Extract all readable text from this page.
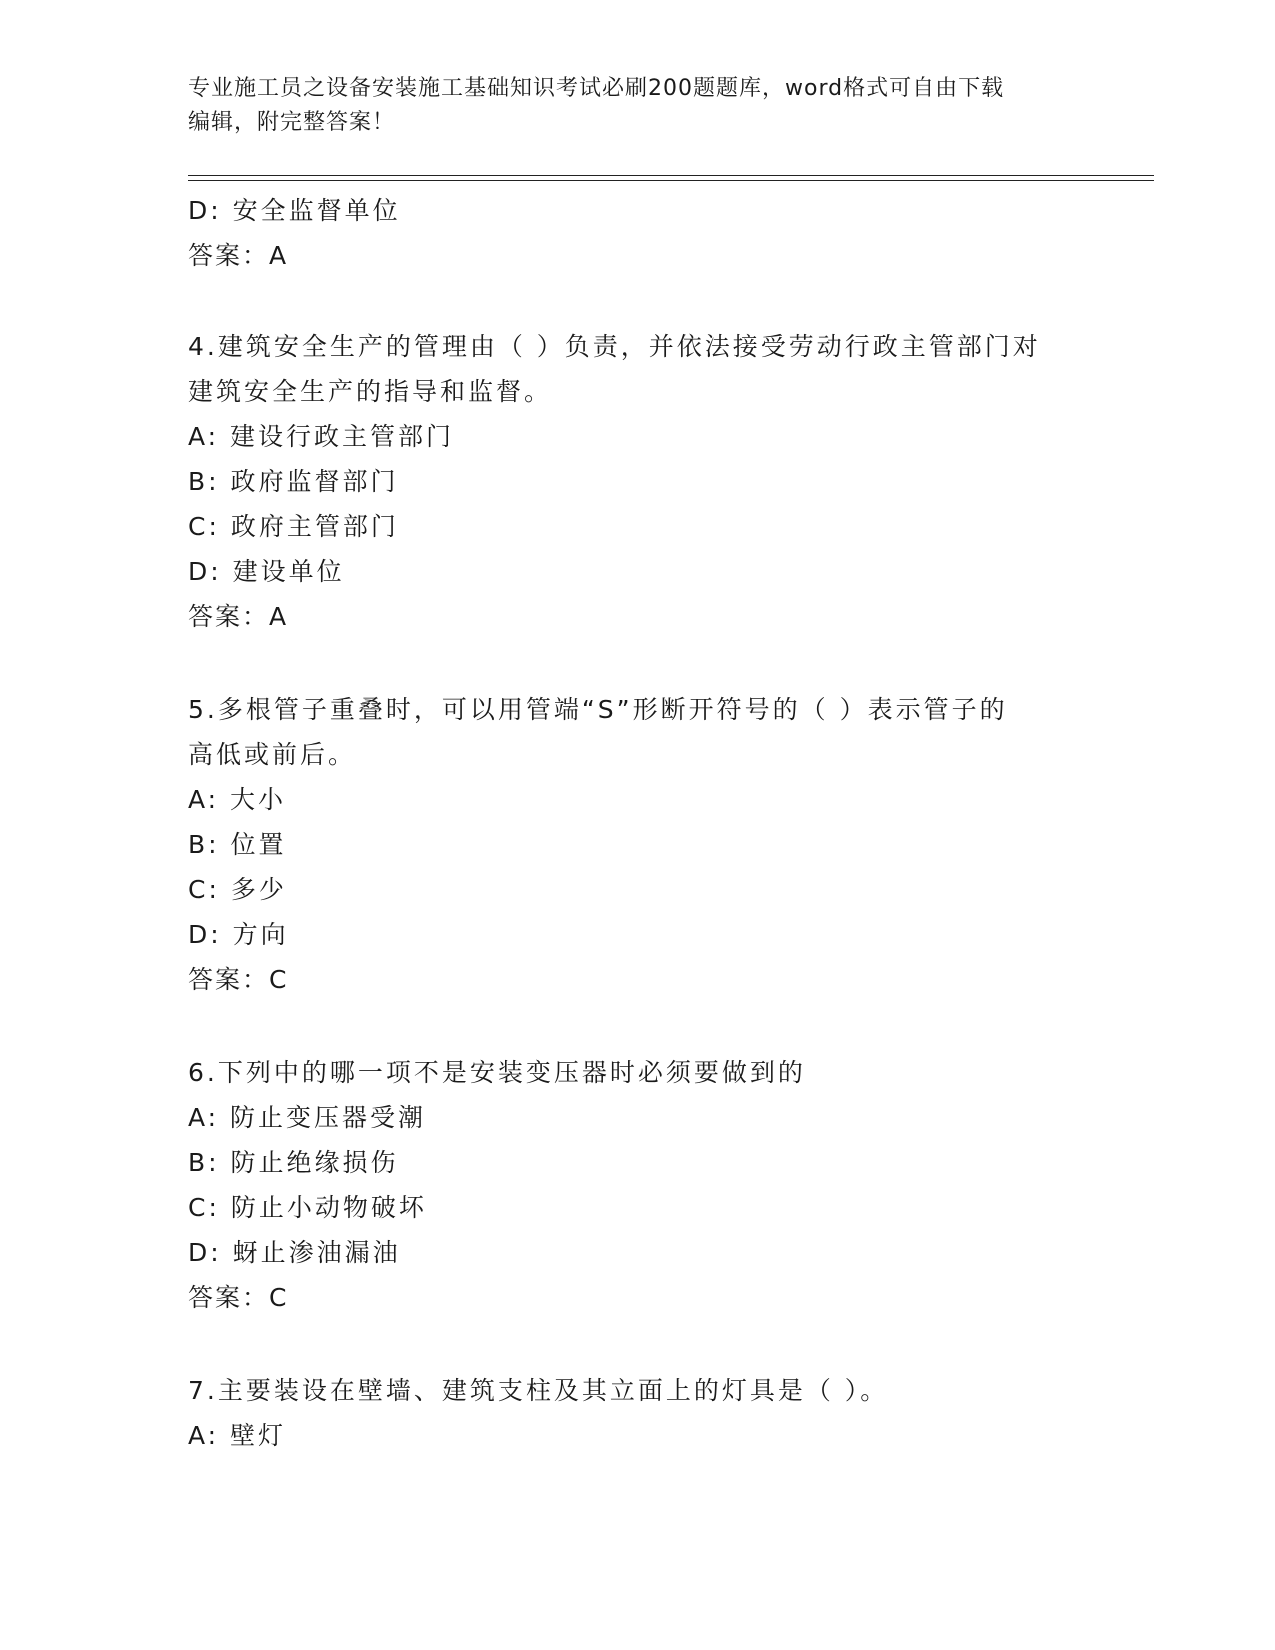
专业施工员之设备安装施工基础知识考试必刷200题题库，word格式可自由下载
编辑，附完整答案！
D: 安全监督单位
答案：A
4.建筑安全生产的管理由（ ）负责，并依法接受劳动行政主管部门对
建筑安全生产的指导和监督。
A: 建设行政主管部门
B: 政府监督部门
C: 政府主管部门
D: 建设单位
答案：A
5.多根管子重叠时，可以用管端“S”形断开符号的（ ）表示管子的
高低或前后。
A: 大小
B: 位置
C: 多少
D: 方向
答案：C
6.下列中的哪一项不是安装变压器时必须要做到的
A: 防止变压器受潮
B: 防止绝缘损伤
C: 防止小动物破坏
D: 蚜止渗油漏油
答案：C
7.主要装设在壁墙、建筑支柱及其立面上的灯具是（ ）。
A: 壁灯
